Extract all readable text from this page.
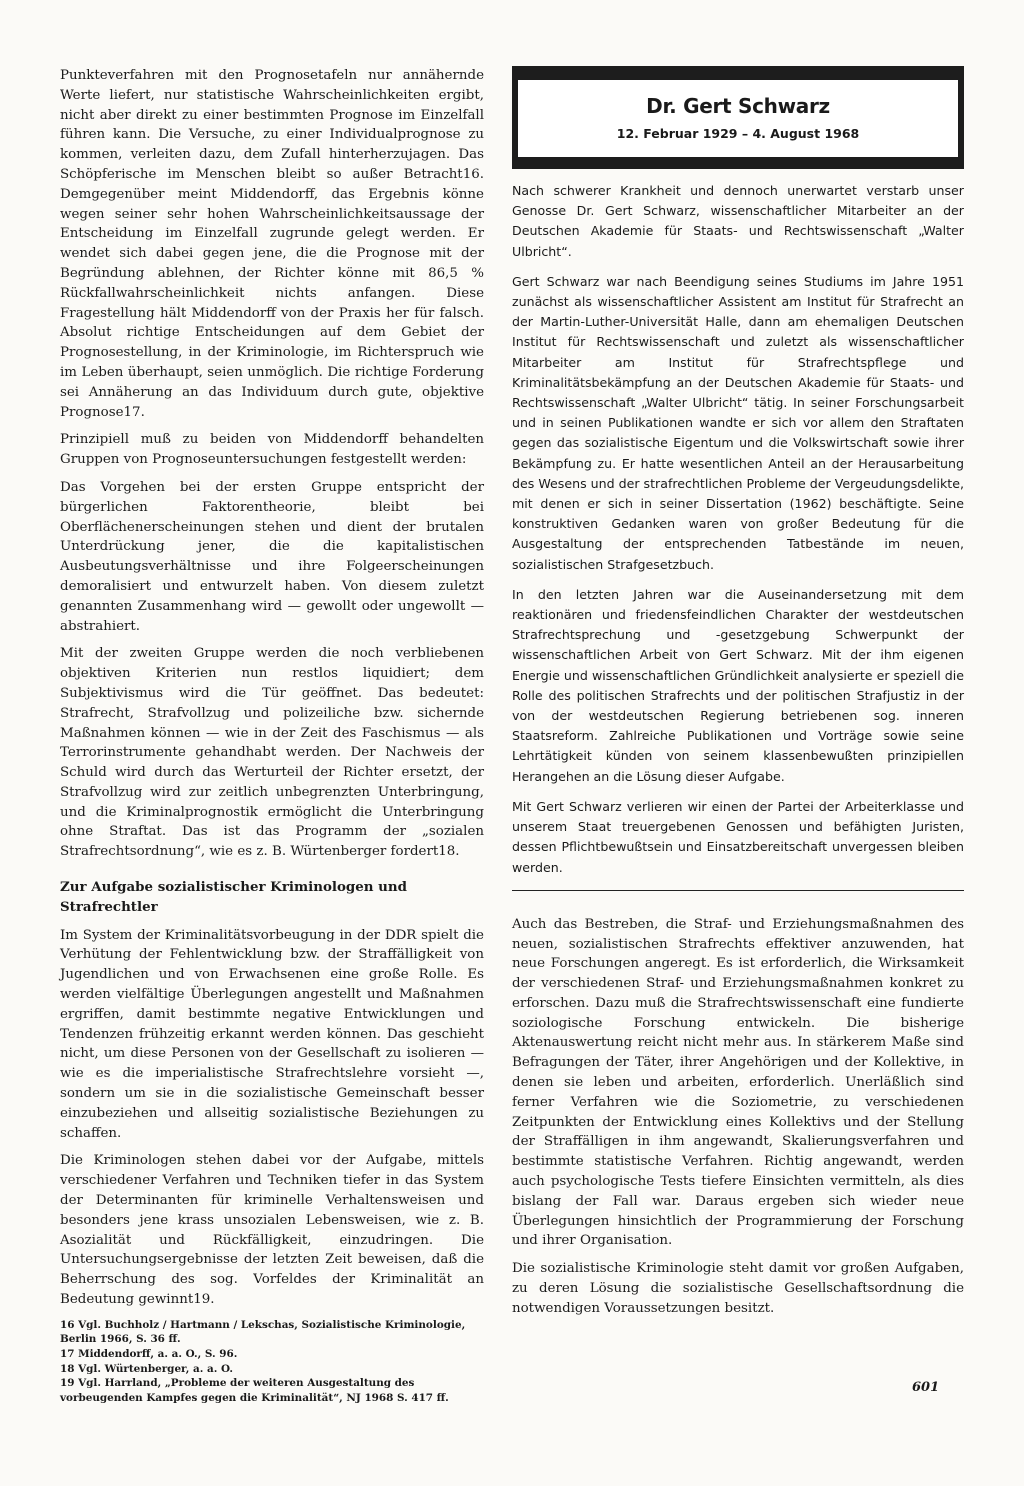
Punkteverfahren mit den Prognosetafeln nur annähernde Werte liefert, nur statistische Wahrscheinlichkeiten ergibt, nicht aber direkt zu einer bestimmten Prognose im Einzelfall führen kann. Die Versuche, zu einer Individualprognose zu kommen, verleiten dazu, dem Zufall hinterherzujagen. Das Schöpferische im Menschen bleibt so außer Betracht16. Demgegenüber meint Middendorff, das Ergebnis könne wegen seiner sehr hohen Wahrscheinlichkeitsaussage der Entscheidung im Einzelfall zugrunde gelegt werden. Er wendet sich dabei gegen jene, die die Prognose mit der Begründung ablehnen, der Richter könne mit 86,5 % Rückfallwahrscheinlichkeit nichts anfangen. Diese Fragestellung hält Middendorff von der Praxis her für falsch. Absolut richtige Entscheidungen auf dem Gebiet der Prognosestellung, in der Kriminologie, im Richterspruch wie im Leben überhaupt, seien unmöglich. Die richtige Forderung sei Annäherung an das Individuum durch gute, objektive Prognose17.

Prinzipiell muß zu beiden von Middendorff behandelten Gruppen von Prognoseuntersuchungen festgestellt werden:

Das Vorgehen bei der ersten Gruppe entspricht der bürgerlichen Faktorentheorie, bleibt bei Oberflächenerscheinungen stehen und dient der brutalen Unterdrückung jener, die die kapitalistischen Ausbeutungsverhältnisse und ihre Folgeerscheinungen demoralisiert und entwurzelt haben. Von diesem zuletzt genannten Zusammenhang wird — gewollt oder ungewollt — abstrahiert.

Mit der zweiten Gruppe werden die noch verbliebenen objektiven Kriterien nun restlos liquidiert; dem Subjektivismus wird die Tür geöffnet. Das bedeutet: Strafrecht, Strafvollzug und polizeiliche bzw. sichernde Maßnahmen können — wie in der Zeit des Faschismus — als Terrorinstrumente gehandhabt werden. Der Nachweis der Schuld wird durch das Werturteil der Richter ersetzt, der Strafvollzug wird zur zeitlich unbegrenzten Unterbringung, und die Kriminalprognostik ermöglicht die Unterbringung ohne Straftat. Das ist das Programm der „sozialen Strafrechtsordnung“, wie es z. B. Würtenberger fordert18.

Zur Aufgabe sozialistischer Kriminologen und Strafrechtler

Im System der Kriminalitätsvorbeugung in der DDR spielt die Verhütung der Fehlentwicklung bzw. der Straffälligkeit von Jugendlichen und von Erwachsenen eine große Rolle. Es werden vielfältige Überlegungen angestellt und Maßnahmen ergriffen, damit bestimmte negative Entwicklungen und Tendenzen frühzeitig erkannt werden können. Das geschieht nicht, um diese Personen von der Gesellschaft zu isolieren — wie es die imperialistische Strafrechtslehre vorsieht —, sondern um sie in die sozialistische Gemeinschaft besser einzubeziehen und allseitig sozialistische Beziehungen zu schaffen.

Die Kriminologen stehen dabei vor der Aufgabe, mittels verschiedener Verfahren und Techniken tiefer in das System der Determinanten für kriminelle Verhaltensweisen und besonders jene krass unsozialen Lebensweisen, wie z. B. Asozialität und Rückfälligkeit, einzudringen. Die Untersuchungsergebnisse der letzten Zeit beweisen, daß die Beherrschung des sog. Vorfeldes der Kriminalität an Bedeutung gewinnt19.

16 Vgl. Buchholz / Hartmann / Lekschas, Sozialistische Kriminologie, Berlin 1966, S. 36 ff.

17 Middendorff, a. a. O., S. 96.

18 Vgl. Würtenberger, a. a. O.

19 Vgl. Harrland, „Probleme der weiteren Ausgestaltung des vorbeugenden Kampfes gegen die Kriminalität“, NJ 1968 S. 417 ff.

Dr. Gert Schwarz

12. Februar 1929 – 4. August 1968

Nach schwerer Krankheit und dennoch unerwartet verstarb unser Genosse Dr. Gert Schwarz, wissenschaftlicher Mitarbeiter an der Deutschen Akademie für Staats- und Rechtswissenschaft „Walter Ulbricht“.

Gert Schwarz war nach Beendigung seines Studiums im Jahre 1951 zunächst als wissenschaftlicher Assistent am Institut für Strafrecht an der Martin-Luther-Universität Halle, dann am ehemaligen Deutschen Institut für Rechtswissenschaft und zuletzt als wissenschaftlicher Mitarbeiter am Institut für Strafrechtspflege und Kriminalitätsbekämpfung an der Deutschen Akademie für Staats- und Rechtswissenschaft „Walter Ulbricht“ tätig. In seiner Forschungsarbeit und in seinen Publikationen wandte er sich vor allem den Straftaten gegen das sozialistische Eigentum und die Volkswirtschaft sowie ihrer Bekämpfung zu. Er hatte wesentlichen Anteil an der Herausarbeitung des Wesens und der strafrechtlichen Probleme der Vergeudungsdelikte, mit denen er sich in seiner Dissertation (1962) beschäftigte. Seine konstruktiven Gedanken waren von großer Bedeutung für die Ausgestaltung der entsprechenden Tatbestände im neuen, sozialistischen Strafgesetzbuch.

In den letzten Jahren war die Auseinandersetzung mit dem reaktionären und friedensfeindlichen Charakter der westdeutschen Strafrechtsprechung und -gesetzgebung Schwerpunkt der wissenschaftlichen Arbeit von Gert Schwarz. Mit der ihm eigenen Energie und wissenschaftlichen Gründlichkeit analysierte er speziell die Rolle des politischen Strafrechts und der politischen Strafjustiz in der von der westdeutschen Regierung betriebenen sog. inneren Staatsreform. Zahlreiche Publikationen und Vorträge sowie seine Lehrtätigkeit künden von seinem klassenbewußten prinzipiellen Herangehen an die Lösung dieser Aufgabe.

Mit Gert Schwarz verlieren wir einen der Partei der Arbeiterklasse und unserem Staat treuergebenen Genossen und befähigten Juristen, dessen Pflichtbewußtsein und Einsatzbereitschaft unvergessen bleiben werden.

Auch das Bestreben, die Straf- und Erziehungsmaßnahmen des neuen, sozialistischen Strafrechts effektiver anzuwenden, hat neue Forschungen angeregt. Es ist erforderlich, die Wirksamkeit der verschiedenen Straf- und Erziehungsmaßnahmen konkret zu erforschen. Dazu muß die Strafrechtswissenschaft eine fundierte soziologische Forschung entwickeln. Die bisherige Aktenauswertung reicht nicht mehr aus. In stärkerem Maße sind Befragungen der Täter, ihrer Angehörigen und der Kollektive, in denen sie leben und arbeiten, erforderlich. Unerläßlich sind ferner Verfahren wie die Soziometrie, zu verschiedenen Zeitpunkten der Entwicklung eines Kollektivs und der Stellung der Straffälligen in ihm angewandt, Skalierungsverfahren und bestimmte statistische Verfahren. Richtig angewandt, werden auch psychologische Tests tiefere Einsichten vermitteln, als dies bislang der Fall war. Daraus ergeben sich wieder neue Überlegungen hinsichtlich der Programmierung der Forschung und ihrer Organisation.

Die sozialistische Kriminologie steht damit vor großen Aufgaben, zu deren Lösung die sozialistische Gesellschaftsordnung die notwendigen Voraussetzungen besitzt.

601
